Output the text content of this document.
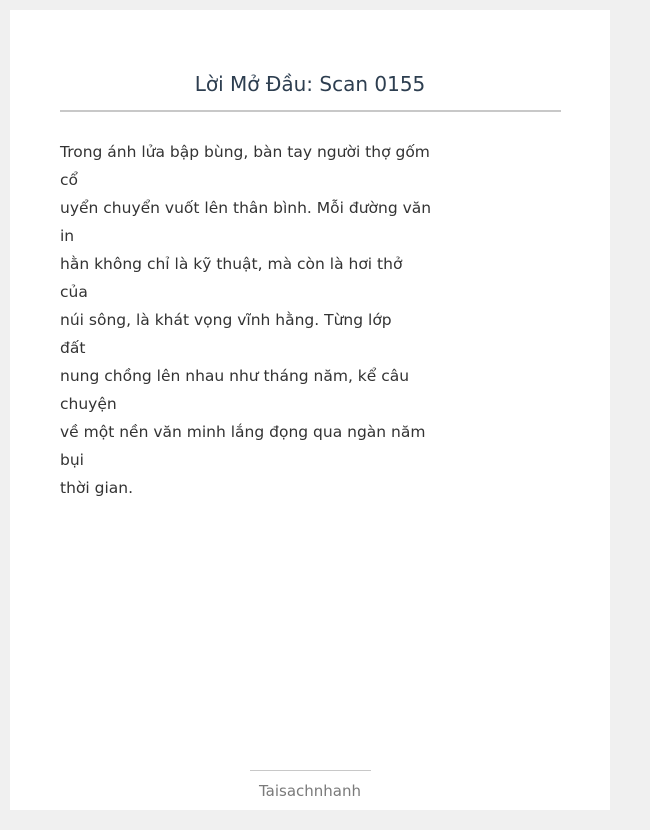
Lời Mở Đầu: Scan 0155
Trong ánh lửa bập bùng, bàn tay người thợ gốm
cổ
uyển chuyển vuốt lên thân bình. Mỗi đường văn
in
hằn không chỉ là kỹ thuật, mà còn là hơi thở
của
núi sông, là khát vọng vĩnh hằng. Từng lớp
đất
nung chồng lên nhau như tháng năm, kể câu
chuyện
về một nền văn minh lắng đọng qua ngàn năm
bụi
thời gian.
Taisachnhanh
